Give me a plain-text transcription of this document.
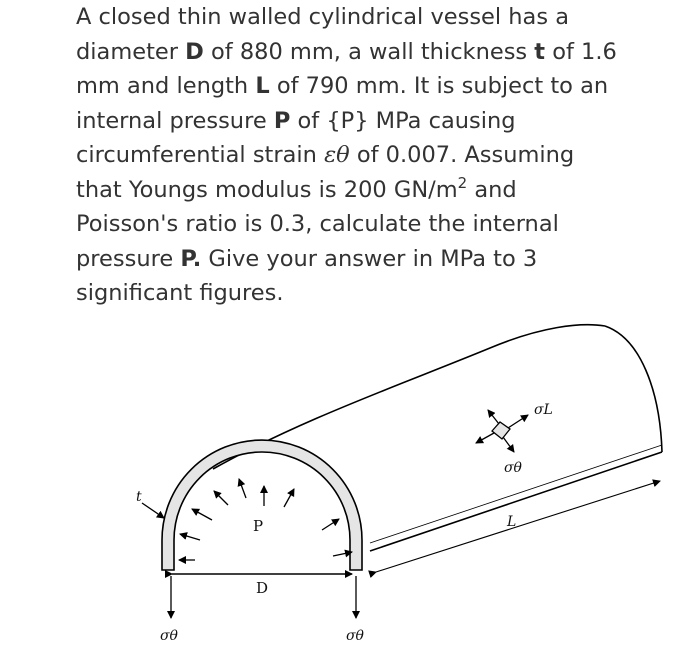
A closed thin walled cylindrical vessel has a
diameter D of 880 mm, a wall thickness t of 1.6
mm and length L of 790 mm. It is subject to an
internal pressure P of {P} MPa causing
circumferential strain εθ of 0.007. Assuming
that Youngs modulus is 200 $GN/m^2$ and
Poisson's ratio is 0.3, calculate the internal
pressure P. Give your answer in MPa to 3
significant figures.
t
P
D
L
σL
σθ
σθ	σθ
